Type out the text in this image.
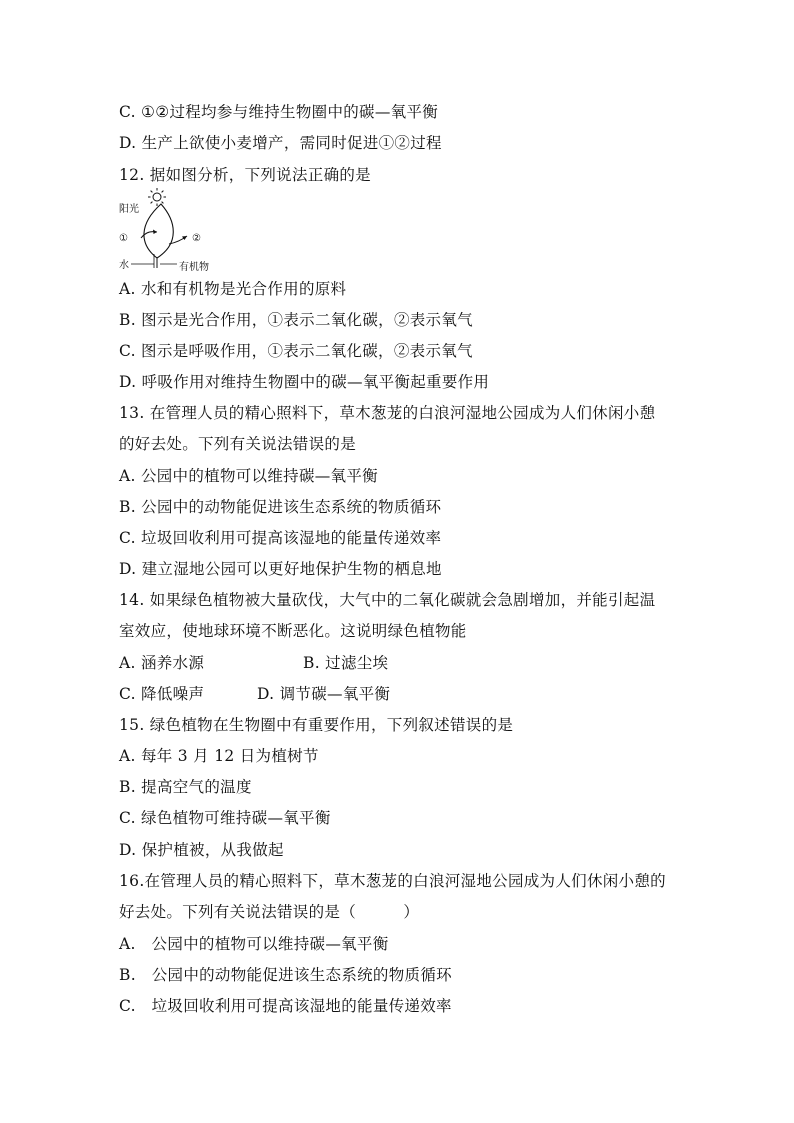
C. ①②过程均参与维持生物圈中的碳—氧平衡
D. 生产上欲使小麦增产，需同时促进①②过程
12. 据如图分析，下列说法正确的是
阳光
①	②
水	有机物
A. 水和有机物是光合作用的原料
B. 图示是光合作用，①表示二氧化碳，②表示氧气
C. 图示是呼吸作用，①表示二氧化碳，②表示氧气
D. 呼吸作用对维持生物圈中的碳—氧平衡起重要作用
13. 在管理人员的精心照料下，草木葱茏的白浪河湿地公园成为人们休闲小憩
的好去处。下列有关说法错误的是
A. 公园中的植物可以维持碳—氧平衡
B. 公园中的动物能促进该生态系统的物质循环
C. 垃圾回收利用可提高该湿地的能量传递效率
D. 建立湿地公园可以更好地保护生物的栖息地
14. 如果绿色植物被大量砍伐，大气中的二氧化碳就会急剧增加，并能引起温
室效应，使地球环境不断恶化。这说明绿色植物能
A. 涵养水源	B. 过滤尘埃
C. 降低噪声	D. 调节碳—氧平衡
15. 绿色植物在生物圈中有重要作用，下列叙述错误的是
A. 每年 3 月 12 日为植树节
B. 提高空气的温度
C. 绿色植物可维持碳—氧平衡
D. 保护植被，从我做起
16.在管理人员的精心照料下，草木葱茏的白浪河湿地公园成为人们休闲小憩的
好去处。下列有关说法错误的是（　　　）
A.　公园中的植物可以维持碳—氧平衡
B.　公园中的动物能促进该生态系统的物质循环
C.　垃圾回收利用可提高该湿地的能量传递效率
